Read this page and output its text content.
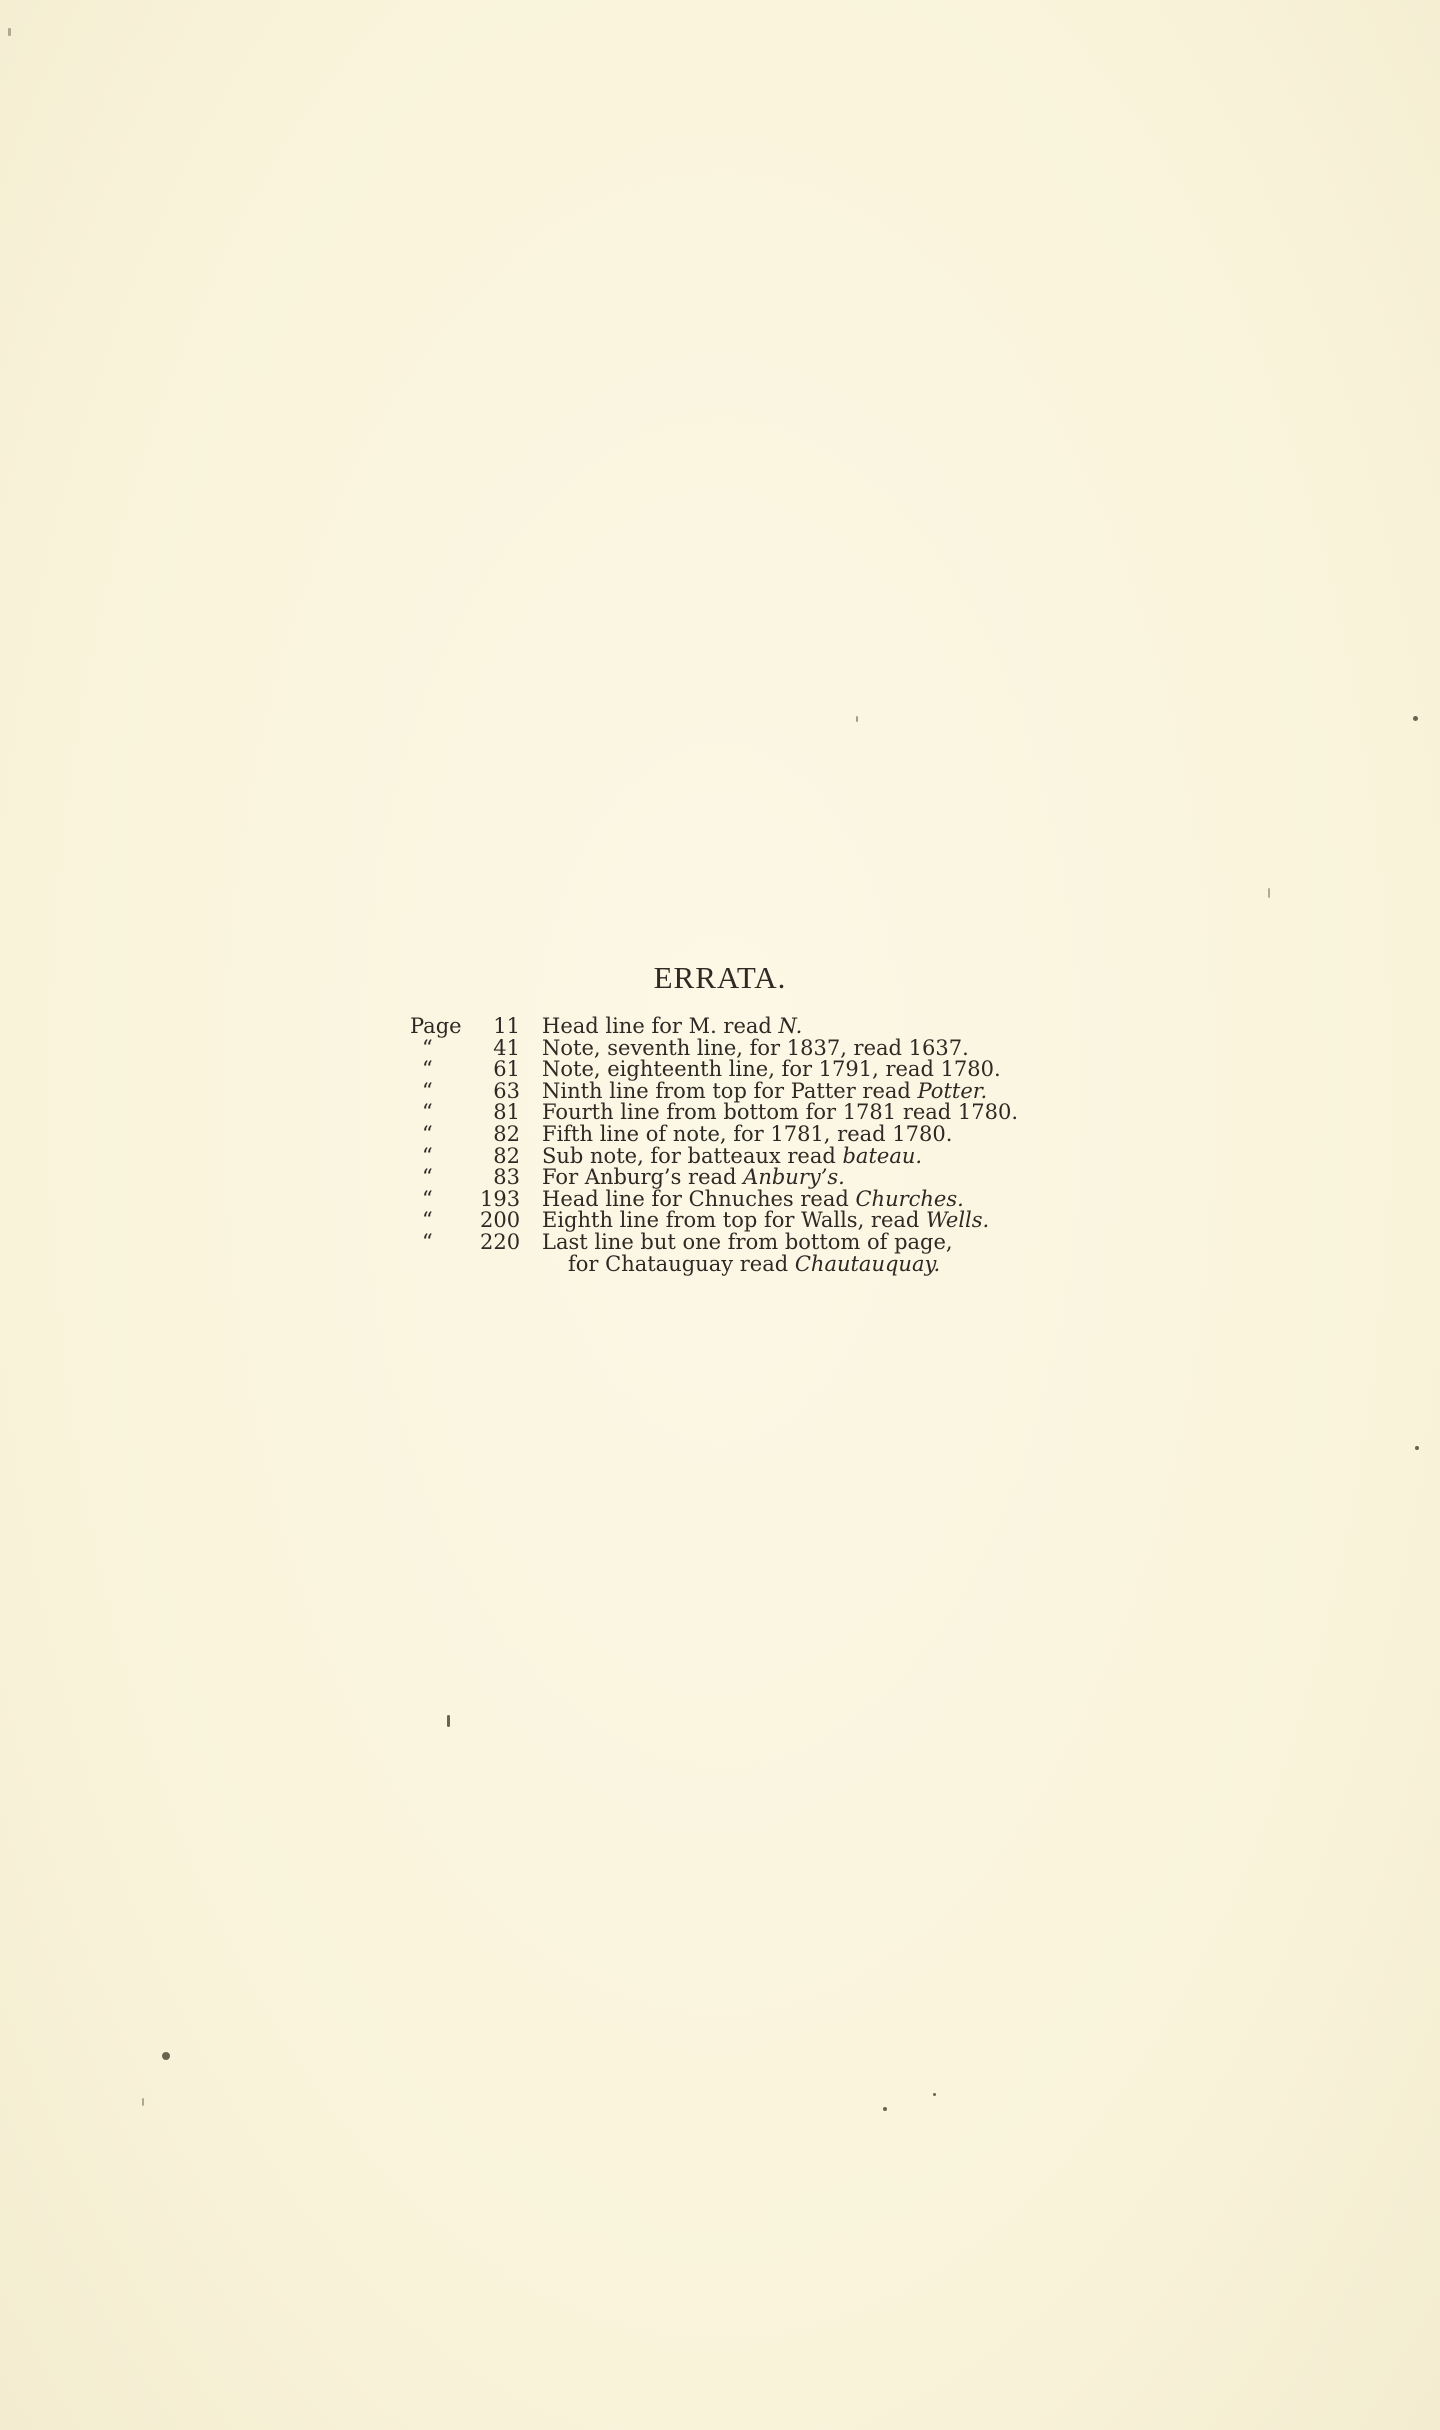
ERRATA.
Page	11	Head line for M. read N.
“	41	Note, seventh line, for 1837, read 1637.
“	61	Note, eighteenth line, for 1791, read 1780.
“	63	Ninth line from top for Patter read Potter.
“	81	Fourth line from bottom for 1781 read 1780.
“	82	Fifth line of note, for 1781, read 1780.
“	82	Sub note, for batteaux read bateau.
“	83	For Anburg’s read Anbury’s.
“	193	Head line for Chnuches read Churches.
“	200	Eighth line from top for Walls, read Wells.
“	220	Last line but one from bottom of page,
for Chatauguay read Chautauquay.
